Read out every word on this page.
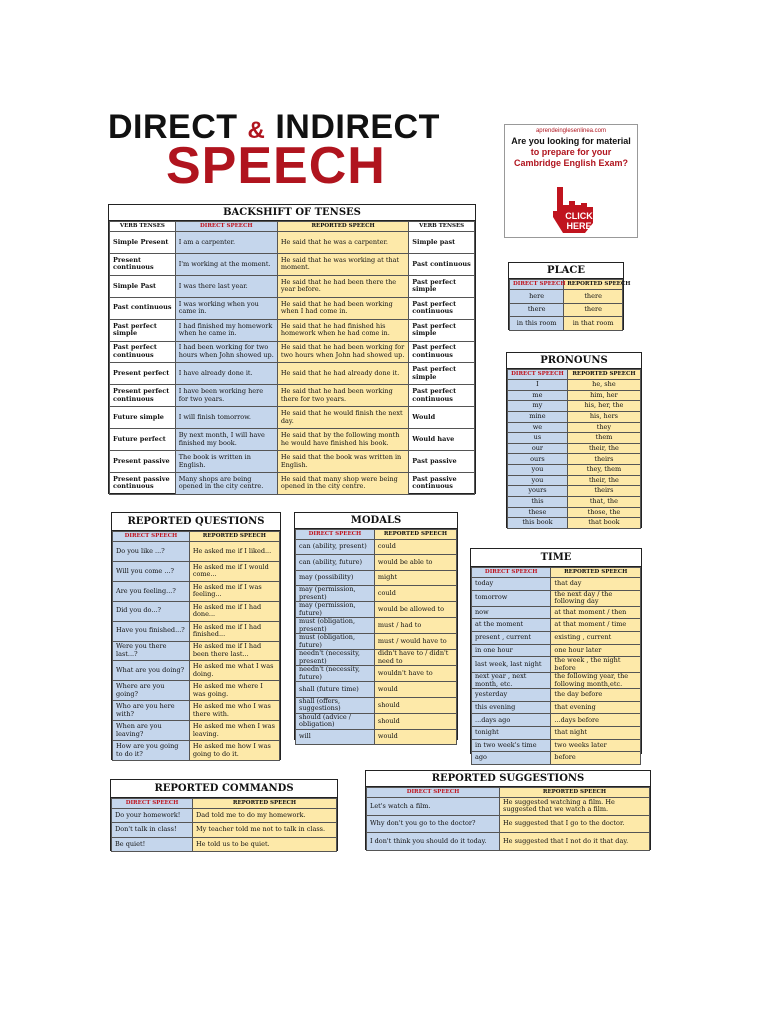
DIRECT & INDIRECT
SPEECH
aprendeinglesenlinea.com
Are you looking for material
to prepare for your
Cambridge English Exam?
CLICK
HERE
BACKSHIFT OF TENSES
VERB TENSES	DIRECT SPEECH	REPORTED SPEECH	VERB TENSES
Simple Present	I am a carpenter.	He said that he was a carpenter.	Simple past
Present continuous	I'm working at the moment.	He said that he was working at that moment.	Past continuous
Simple Past	I was there last year.	He said that he had been there the year before.	Past perfect simple
Past continuous	I was working when you came in.	He said that he had been working when I had come in.	Past perfect continuous
Past perfect simple	I had finished my homework when he came in.	He said that he had finished his homework when he had come in.	Past perfect simple
Past perfect continuous	I had been working for two hours when John showed up.	He said that he had been working for two hours when John had showed up.	Past perfect continuous
Present perfect	I have already done it.	He said that he had already done it.	Past perfect simple
Present perfect continuous	I have been working here for two years.	He said that he had been working there for two years.	Past perfect continuous
Future simple	I will finish tomorrow.	He said that he would finish the next day.	Would
Future perfect	By next month, I will have finished my book.	He said that by the following month he would have finished his book.	Would have
Present passive	The book is written in English.	He said that the book was written in English.	Past passive
Present passive continuous	Many shops are being opened in the city centre.	He said that many shop were being opened in the city centre.	Past passive continuous
PLACE
DIRECT SPEECH	REPORTED SPEECH
here	there
there	there
in this room	in that room
PRONOUNS
DIRECT SPEECH	REPORTED SPEECH
I	he, she
me	him, her
my	his, her, the
mine	his, hers
we	they
us	them
our	their, the
ours	theirs
you	they, them
you	their, the
yours	theirs
this	that, the
these	those, the
this book	that book
REPORTED QUESTIONS
DIRECT SPEECH	REPORTED SPEECH
Do you like ...?	He asked me if I liked...
Will you come ...?	He asked me if I would come...
Are you feeling...?	He asked me if I was feeling...
Did you do...?	He asked me if I had done...
Have you finished...?	He asked me if I had finished...
Were you there last...?	He asked me if I had been there last...
What are you doing?	He asked me what I was doing.
Where are you going?	He asked me where I was going.
Who are you here with?	He asked me who I was there with.
When are you leaving?	He asked me when I was leaving.
How are you going to do it?	He asked me how I was going to do it.
MODALS
DIRECT SPEECH	REPORTED SPEECH
can (ability, present)	could
can (ability, future)	would be able to
may (possibility)	might
may (permission, present)	could
may (permission, future)	would be allowed to
must (obligation, present)	must / had to
must (obligation, future)	must / would have to
needn't (necessity, present)	didn't have to / didn't need to
needn't (necessity, future)	wouldn't have to
shall (future time)	would
shall (offers, suggestions)	should
should (advice / obligation)	should
will	would
TIME
DIRECT SPEECH	REPORTED SPEECH
today	that day
tomorrow	the next day / the following day
now	at that moment / then
at the moment	at that moment / time
present , current	existing , current
in one hour	one hour later
last week, last night	the week , the night before
next year , next month, etc.	the following year, the following month,etc.
yesterday	the day before
this evening	that evening
...days ago	...days before
tonight	that night
in two week's time	two weeks later
ago	before
REPORTED COMMANDS
DIRECT SPEECH	REPORTED SPEECH
Do your homework!	Dad told me to do my homework.
Don't talk in class!	My teacher told me not to talk in class.
Be quiet!	He told us to be quiet.
REPORTED SUGGESTIONS
DIRECT SPEECH	REPORTED SPEECH
Let's watch a film.	He suggested watching a film. He suggested that we watch a film.
Why don't you go to the doctor?	He suggested that I go to the doctor.
I don't think you should do it today.	He suggested that I not do it that day.
